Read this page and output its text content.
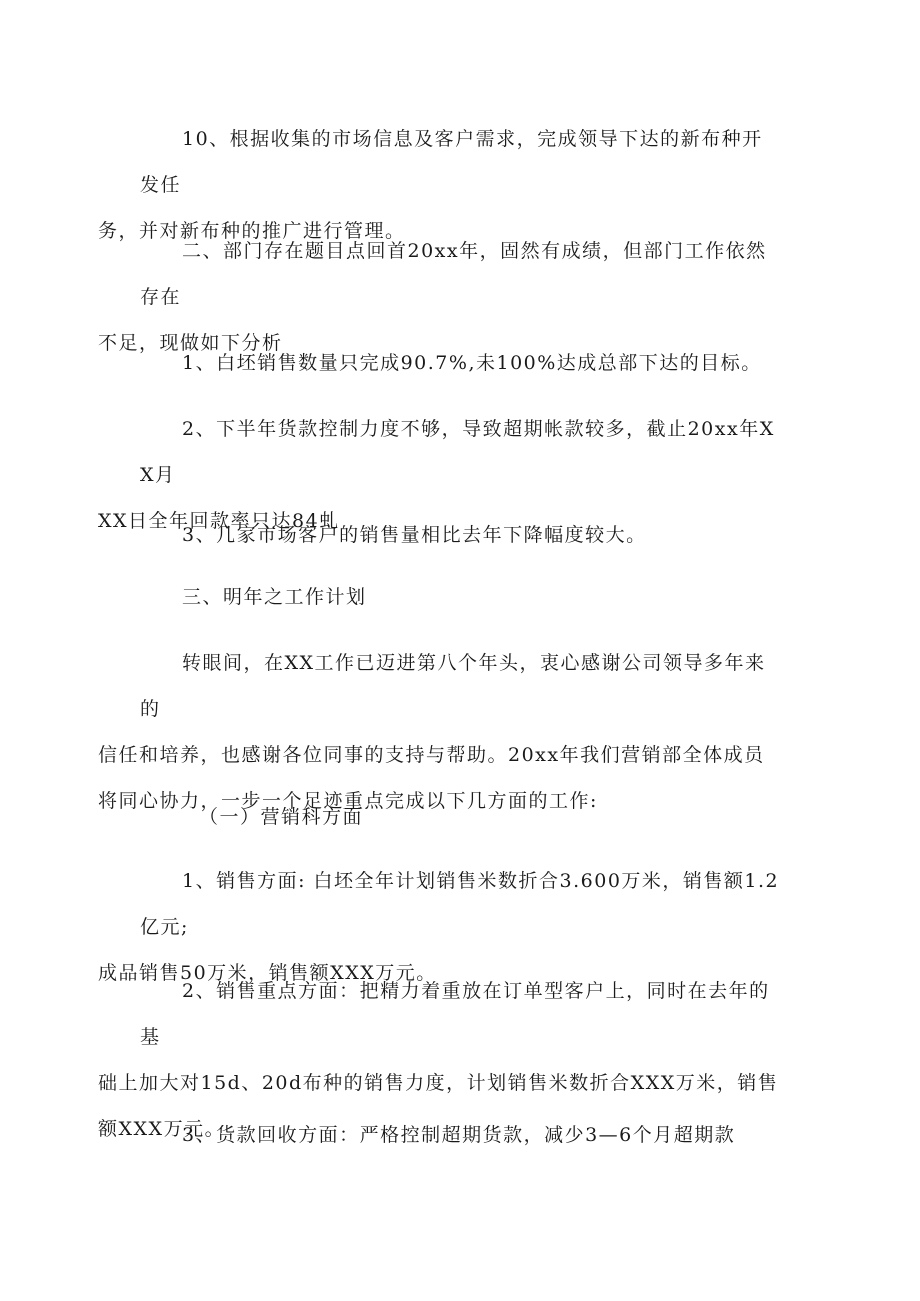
10、根据收集的市场信息及客户需求，完成领导下达的新布种开发任
务，并对新布种的推广进行管理。

二、部门存在题目点回首20xx年，固然有成绩，但部门工作依然存在
不足，现做如下分析

1、白坯销售数量只完成90.7%,未100%达成总部下达的目标。

2、下半年货款控制力度不够，导致超期帐款较多，截止20xx年XX月
XX日全年回款率只达84虬

3、几家市场客户的销售量相比去年下降幅度较大。

三、明年之工作计划

转眼间，在XX工作已迈进第八个年头，衷心感谢公司领导多年来的
信任和培养，也感谢各位同事的支持与帮助。20xx年我们营销部全体成员
将同心协力，一步一个足迹重点完成以下几方面的工作:

（一）营销科方面

1、销售方面: 白坯全年计划销售米数折合3.600万米，销售额1.2亿元;
成品销售50万米，销售额XXX万元。

2、销售重点方面：把精力着重放在订单型客户上，同时在去年的基
础上加大对15d、20d布种的销售力度，计划销售米数折合XXX万米，销售
额XXX万元。

3、货款回收方面：严格控制超期货款，减少3—6个月超期款
